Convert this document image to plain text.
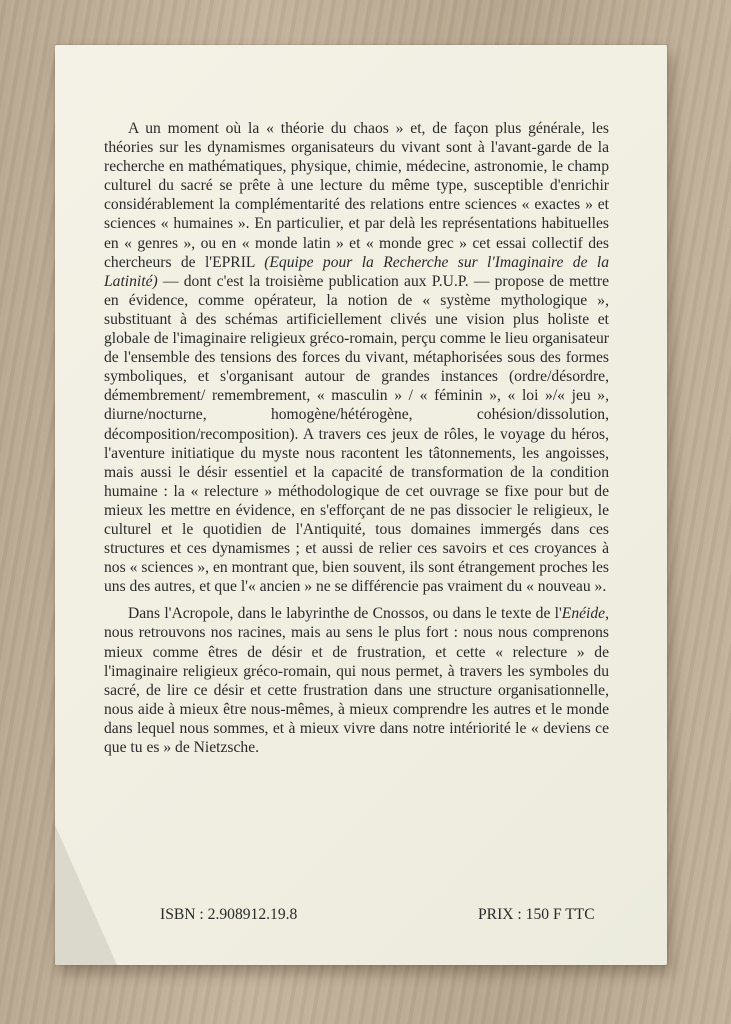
A un moment où la « théorie du chaos » et, de façon plus générale, les théories sur les dynamismes organisateurs du vivant sont à l'avant-garde de la recherche en mathématiques, physique, chimie, médecine, astronomie, le champ culturel du sacré se prête à une lecture du même type, susceptible d'enrichir considérablement la complémentarité des relations entre sciences « exactes » et sciences « humaines ». En particulier, et par delà les représentations habituelles en « genres », ou en « monde latin » et « monde grec » cet essai collectif des chercheurs de l'EPRIL (Equipe pour la Recherche sur l'Imaginaire de la Latinité) — dont c'est la troisième publication aux P.U.P. — propose de mettre en évidence, comme opérateur, la notion de « système mythologique », substituant à des schémas artificiellement clivés une vision plus holiste et globale de l'imaginaire religieux gréco-romain, perçu comme le lieu organisateur de l'ensemble des tensions des forces du vivant, métaphorisées sous des formes symboliques, et s'organisant autour de grandes instances (ordre/désordre, démembrement/ remembrement, « masculin » / « féminin », « loi »/« jeu », diurne/nocturne, homogène/hétérogène, cohésion/dissolution, décomposition/recomposition). A travers ces jeux de rôles, le voyage du héros, l'aventure initiatique du myste nous racontent les tâtonnements, les angoisses, mais aussi le désir essentiel et la capacité de transformation de la condition humaine : la « relecture » méthodologique de cet ouvrage se fixe pour but de mieux les mettre en évidence, en s'efforçant de ne pas dissocier le religieux, le culturel et le quotidien de l'Antiquité, tous domaines immergés dans ces structures et ces dynamismes ; et aussi de relier ces savoirs et ces croyances à nos « sciences », en montrant que, bien souvent, ils sont étrangement proches les uns des autres, et que l'« ancien » ne se différencie pas vraiment du « nouveau ».

Dans l'Acropole, dans le labyrinthe de Cnossos, ou dans le texte de l'Enéide, nous retrouvons nos racines, mais au sens le plus fort : nous nous comprenons mieux comme êtres de désir et de frustration, et cette « relecture » de l'imaginaire religieux gréco-romain, qui nous permet, à travers les symboles du sacré, de lire ce désir et cette frustration dans une structure organisationnelle, nous aide à mieux être nous-mêmes, à mieux comprendre les autres et le monde dans lequel nous sommes, et à mieux vivre dans notre intériorité le « deviens ce que tu es » de Nietzsche.

ISBN : 2.908912.19.8	PRIX : 150 F TTC
